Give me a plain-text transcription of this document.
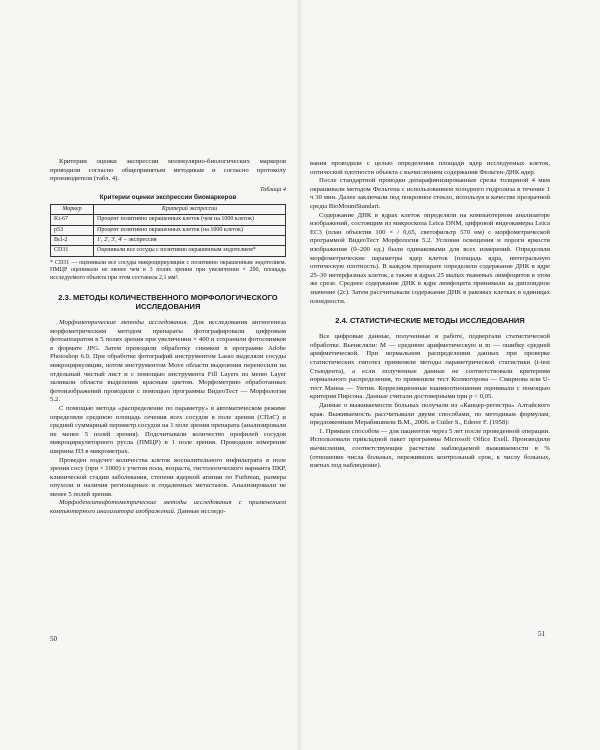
Критерии оценки экспрессии молекулярно-биологических маркеров проводили согласно общепринятым методикам и согласно протоколу производителя (табл. 4).

Таблица 4
Критерии оценки экспрессии биомаркеров
Маркер	Критерий экспрессии
Ki-67	Процент позитивно окрашенных клеток (чем на 1000 клеток)
p53	Процент позитивно окрашенных клеток (на 1000 клеток)
Bcl-2	1', 2', 3', 4' – экспрессия
CD31	Оценивали все сосуды с позитивно окрашенным эндотелием*
* CD31 — оценивали все сосуды микроциркуляции с позитивно окрашенным эндотелием. ПМЦР оценивали не менее чем в 3 полях зрения при увеличении × 200, площадь исследуемого объекта при этом составила 2,1 мм².
2.3. МЕТОДЫ КОЛИЧЕСТВЕННОГО МОРФОЛОГИЧЕСКОГО ИССЛЕДОВАНИЯ

Морфометрические методы исследования. Для исследования ангиогенеза морфометрическим методом препараты фотографировали цифровым фотоаппаратом в 5 полях зрения при увеличении × 400 и сохранили фотоснимков в формате JPG. Затем проводили обработку снимков в программе Adobe Photoshop 6.0. При обработке фотографий инструментом Lasso выделяли сосуды микроциркуляции, потом инструментом Move области выделения переносили на отдельный чистый лист и с помощью инструмента Fill Layers из меню Layer заливали области выделения красным цветом. Морфометрию обработанных фотоизображений проводили с помощью программы ВидеоТест — Морфология 5.2.

С помощью метода «распределение по параметру» в автоматическом режиме определяли среднюю площадь сечения всех сосудов в поле зрения (СПлС) и средний суммарный периметр сосудов на 1 поле зрения препарата (анализировали не менее 5 полей зрения). Подсчитывали количество профилей сосудов микроциркуляторного русла (ПМЦР) в 1 поле зрения. Проводили измерение ширины ПЗ в микрометрах.

Проведен подсчет количества клеток воспалительного инфильтрата в поле зрения сосу (при × 1000) с учетом пола, возраста, гистологического варианта ПКР, клинической стадии заболевания, степени ядерной атипии по Furhman, размера опухоли и наличия регионарных и отдаленных метастазов. Анализировали не менее 5 полей зрения.

Морфоденситофотометрические методы исследования с применением компьютерного анализатора изображений. Данные исследо-

50

вания проводили с целью определения площади ядер исследуемых клеток, оптической плотности объекта с вычислением содержания Фельген-ДНК ядер.

После стандартной проводки депарафинизированные срезы толщиной 4 мкм окрашивали методом Фельгена с использованием холодного гидролиза в течение 1 ч 30 мин. Далее заключали под покровное стекло, используя в качестве прозрачной среды BioMountStandart.

Содержание ДНК в ядрах клеток определяли на компьютерном анализаторе изображений, состоящим из микроскопа Leica DNM, цифровой видеокамеры Leica EC3 (план объектив 100 × / 0,65, светофильтр 570 нм) с морфометрической программой ВидеоТест Морфология 5.2. Условия освещения и пороги яркости изображения (0–200 ед.) были одинаковыми для всех измерений. Определяли морфометрические параметры ядер клеток (площадь ядра, интегральную оптическую плотность). В каждом препарате определяли содержание ДНК в ядре 25–30 интерфазных клеток, а также в ядрах 25 малых тканевых лимфоцитов в этом же срезе. Среднее содержание ДНК в ядре лимфоцита принимали за диплоидное значение (2c). Затем рассчитывали содержание ДНК в раковых клетках в единицах плоидности.

2.4. СТАТИСТИЧЕСКИЕ МЕТОДЫ ИССЛЕДОВАНИЯ

Все цифровые данные, полученные в работе, подвергали статистической обработке. Вычисляли: M — среднюю арифметическую и m — ошибку средней арифметической. При нормальном распределении данных при проверке статистических гипотез применяли методы параметрической статистики (t-test Стьюдента), а если полученные данные не соответствовали критериям нормального распределения, то применяли тест Колмогорова — Смирнова или U-тест Манна — Уитни. Корреляционные взаимоотношения оценивали с помощью критерия Пирсона. Данные считали достоверными при p < 0,05.

Данные о выживаемости больных получали из «Канцер-регистра» Алтайского края. Выживаемость рассчитывали двумя способами, по методикам формулам, предложенным Мерабишвили В.М., 2006. и Cutler S., Ederer F. (1958):

1. Прямым способом — для пациентов через 5 лет после проведенной операции. Использовали прикладной пакет программы Microsoft Office Exell. Производили вычисления, соответствующие расчетам наблюдаемой выживаемости в % (отношение числа больных, переживших контрольный срок, к числу больных, взятых под наблюдение).

51
